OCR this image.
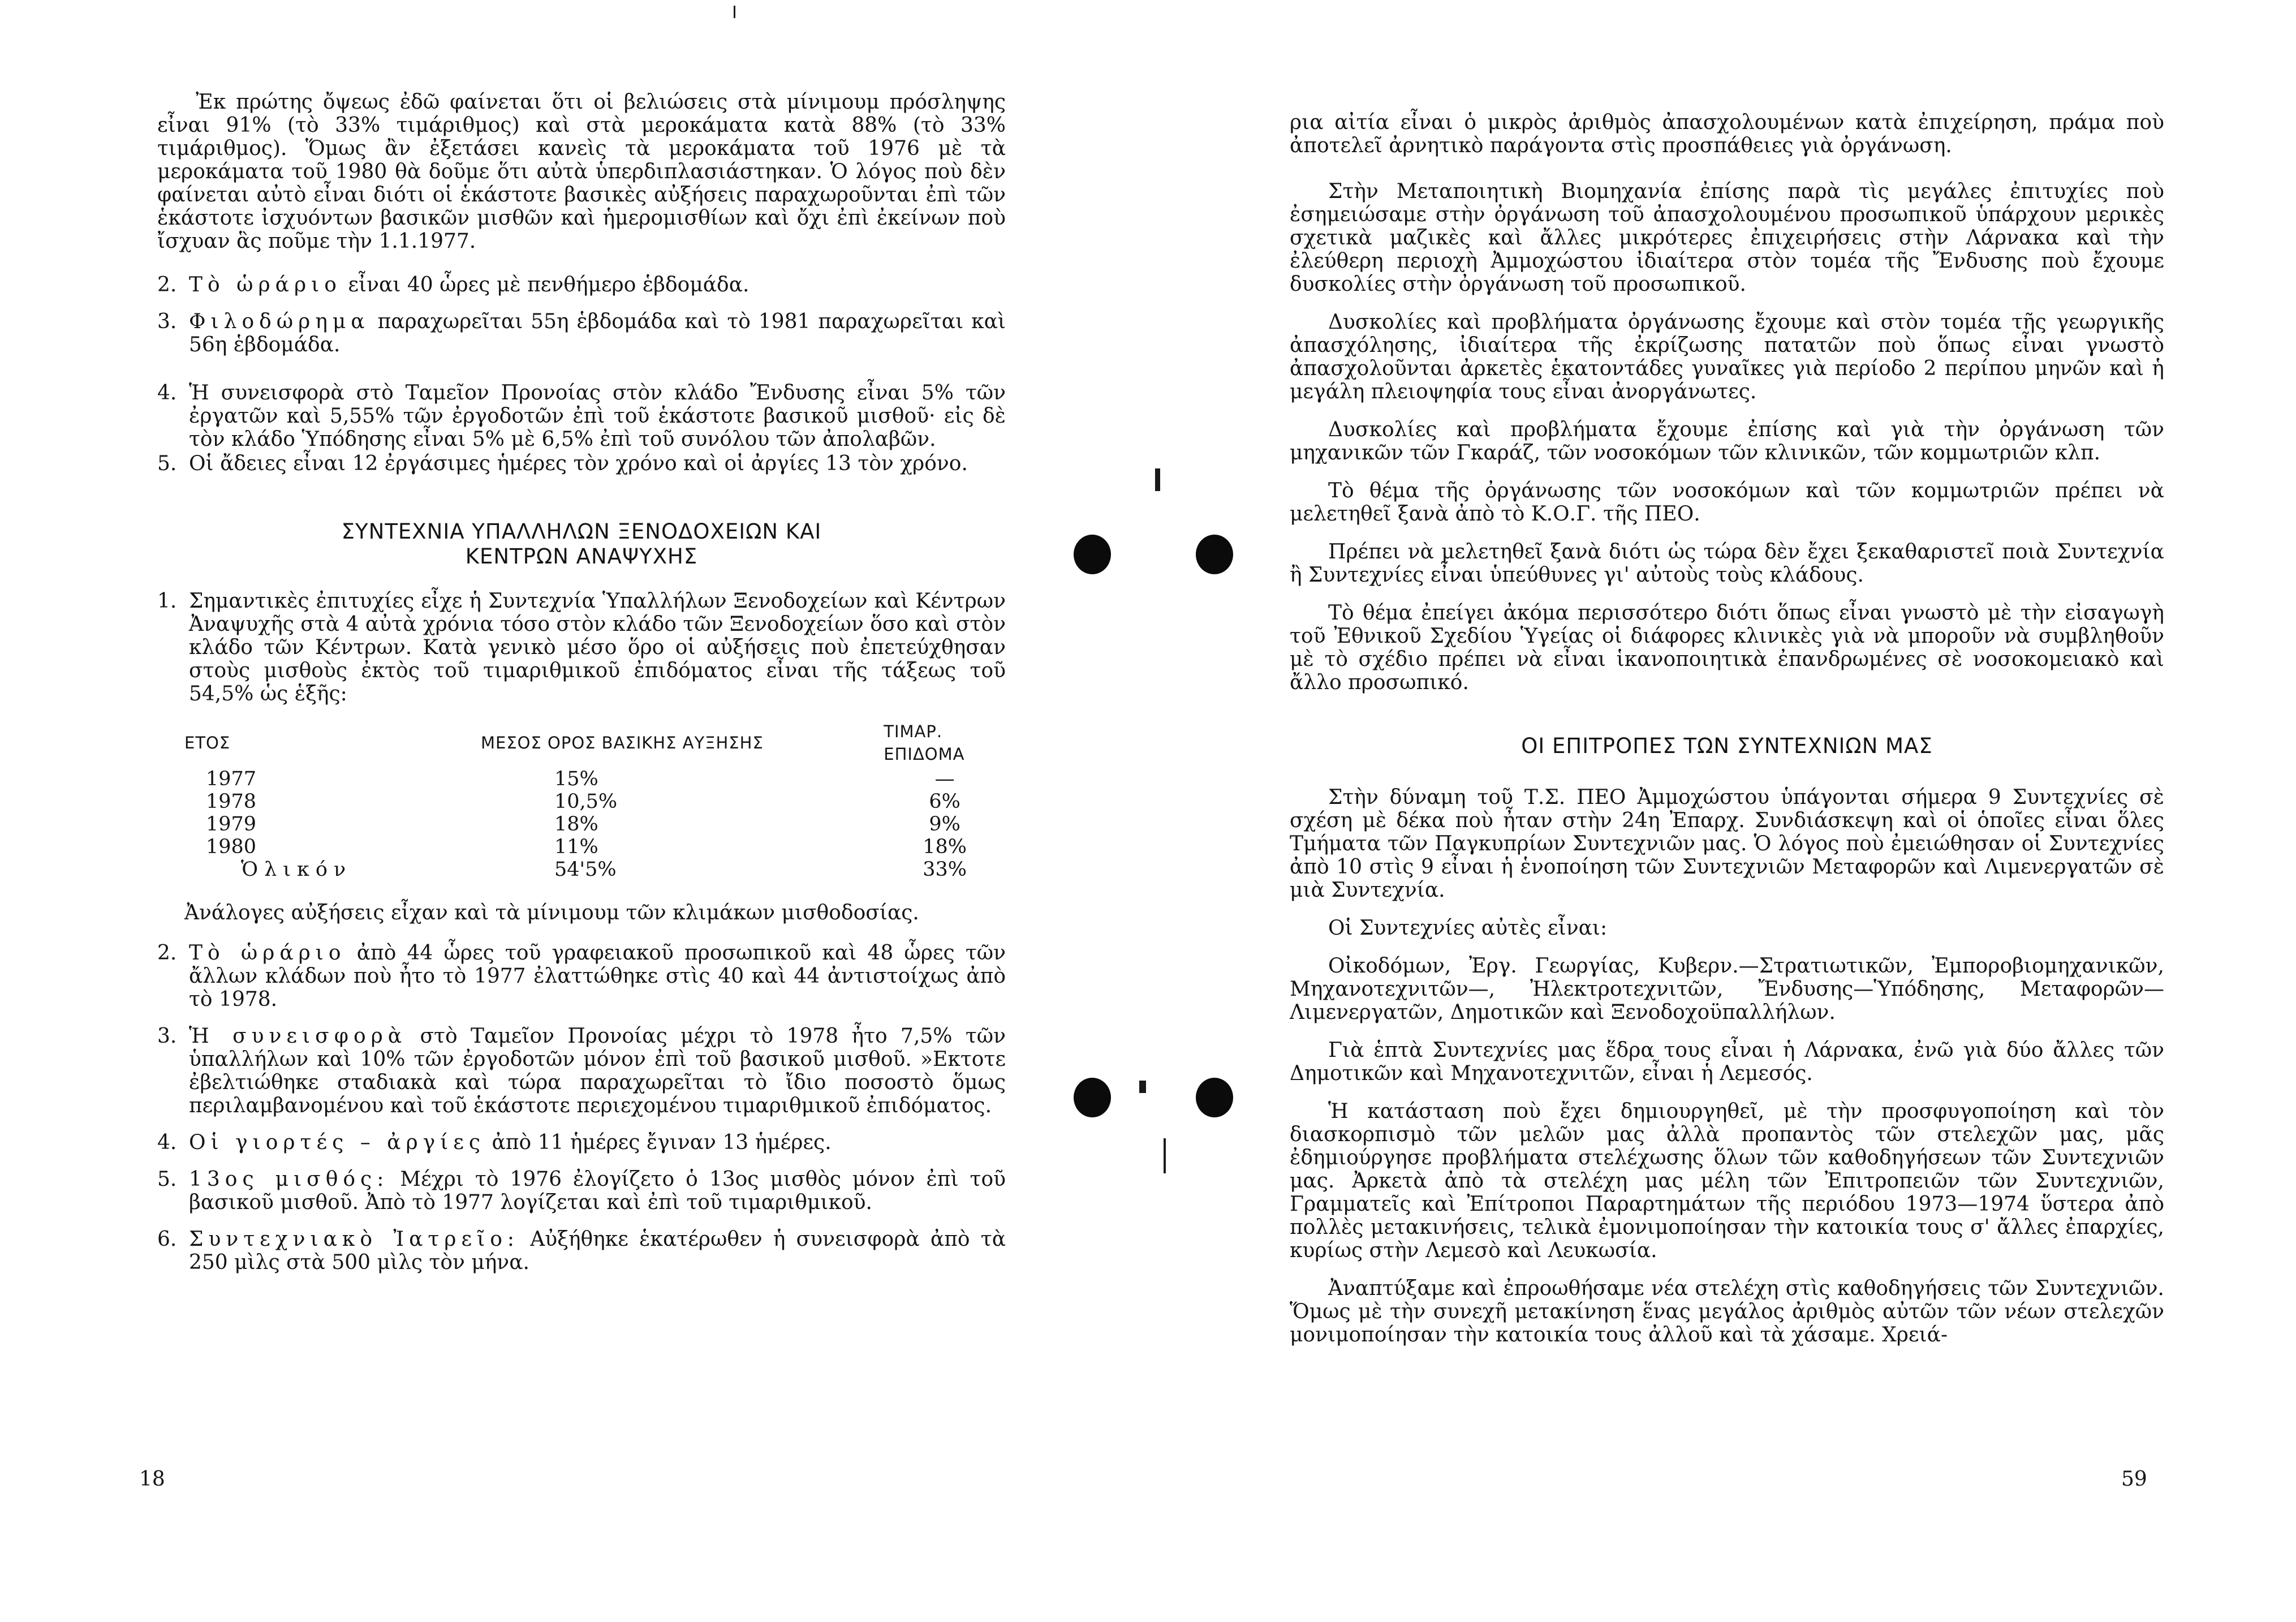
Ἐκ πρώτης ὄψεως ἐδῶ φαίνεται ὅτι οἱ βελιώσεις στὰ μίνιμουμ πρόσληψης εἶναι 91% (τὸ 33% τιμάριθμος) καὶ στὰ μεροκάματα κατὰ 88% (τὸ 33% τιμάριθμος). Ὅμως ἂν ἐξετάσει κανεὶς τὰ μεροκάματα τοῦ 1976 μὲ τὰ μεροκάματα τοῦ 1980 θὰ δοῦμε ὅτι αὐτὰ ὑπερδιπλασιάστηκαν. Ὁ λόγος ποὺ δὲν φαίνεται αὐτὸ εἶναι διότι οἱ ἑκάστοτε βασικὲς αὐξήσεις παραχωροῦνται ἐπὶ τῶν ἑκάστοτε ἰσχυόντων βασικῶν μισθῶν καὶ ἡμερομισθίων καὶ ὄχι ἐπὶ ἐκείνων ποὺ ἴσχυαν ἃς ποῦμε τὴν 1.1.1977.

2. Τὸ ὡράριο εἶναι 40 ὧρες μὲ πενθήμερο ἑβδομάδα.
3. Φιλοδώρημα παραχωρεῖται 55η ἑβδομάδα καὶ τὸ 1981 παραχωρεῖται καὶ 56η ἑβδομάδα.
4. Ἡ συνεισφορὰ στὸ Ταμεῖον Προνοίας στὸν κλάδο Ἔνδυσης εἶναι 5% τῶν ἐργατῶν καὶ 5,55% τῶν ἐργοδοτῶν ἐπὶ τοῦ ἑκάστοτε βασικοῦ μισθοῦ· εἰς δὲ τὸν κλάδο Ὑπόδησης εἶναι 5% μὲ 6,5% ἐπὶ τοῦ συνόλου τῶν ἀπολαβῶν.
5. Οἱ ἄδειες εἶναι 12 ἐργάσιμες ἡμέρες τὸν χρόνο καὶ οἱ ἀργίες 13 τὸν χρόνο.
ΣΥΝΤΕΧΝΙΑ ΥΠΑΛΛΗΛΩΝ ΞΕΝΟΔΟΧΕΙΩΝ ΚΑΙ
ΚΕΝΤΡΩΝ ΑΝΑΨΥΧΗΣ
1. Σημαντικὲς ἐπιτυχίες εἶχε ἡ Συντεχνία Ὑπαλλήλων Ξενοδοχείων καὶ Κέντρων Ἀναψυχῆς στὰ 4 αὐτὰ χρόνια τόσο στὸν κλάδο τῶν Ξενοδοχείων ὅσο καὶ στὸν κλάδο τῶν Κέντρων. Κατὰ γενικὸ μέσο ὅρο οἱ αὐξήσεις ποὺ ἐπετεύχθησαν στοὺς μισθοὺς ἐκτὸς τοῦ τιμαριθμικοῦ ἐπιδόματος εἶναι τῆς τάξεως τοῦ 54,5% ὡς ἑξῆς:
ΕΤΟΣ	ΜΕΣΟΣ ΟΡΟΣ ΒΑΣΙΚΗΣ ΑΥΞΗΣΗΣ	ΤΙΜΑΡ. ΕΠΙΔΟΜΑ
1977	15%	—
1978	10,5%	6%
1979	18%	9%
1980	11%	18%
Ὁλικόν	54'5%	33%

Ἀνάλογες αὐξήσεις εἶχαν καὶ τὰ μίνιμουμ τῶν κλιμάκων μισθοδοσίας.

2. Τὸ ὡράριο ἀπὸ 44 ὧρες τοῦ γραφειακοῦ προσωπικοῦ καὶ 48 ὧρες τῶν ἄλλων κλάδων ποὺ ἦτο τὸ 1977 ἐλαττώθηκε στὶς 40 καὶ 44 ἀντιστοίχως ἀπὸ τὸ 1978.
3. Ἡ συνεισφορὰ στὸ Ταμεῖον Προνοίας μέχρι τὸ 1978 ἦτο 7,5% τῶν ὑπαλλήλων καὶ 10% τῶν ἐργοδοτῶν μόνον ἐπὶ τοῦ βασικοῦ μισθοῦ. »Εκτοτε ἐβελτιώθηκε σταδιακὰ καὶ τώρα παραχωρεῖται τὸ ἴδιο ποσοστὸ ὅμως περιλαμβανομένου καὶ τοῦ ἑκάστοτε περιεχομένου τιμαριθμικοῦ ἐπιδόματος.
4. Οἱ γιορτές – ἀργίες ἀπὸ 11 ἡμέρες ἔγιναν 13 ἡμέρες.
5. 13ος μισθός: Μέχρι τὸ 1976 ἐλογίζετο ὁ 13ος μισθὸς μόνον ἐπὶ τοῦ βασικοῦ μισθοῦ. Ἀπὸ τὸ 1977 λογίζεται καὶ ἐπὶ τοῦ τιμαριθμικοῦ.
6. Συντεχνιακὸ Ἰατρεῖο: Αὐξήθηκε ἑκατέρωθεν ἡ συνεισφορὰ ἀπὸ τὰ 250 μὶλς στὰ 500 μὶλς τὸν μήνα.
18

ρια αἰτία εἶναι ὁ μικρὸς ἀριθμὸς ἀπασχολουμένων κατὰ ἐπιχείρηση, πράμα ποὺ ἀποτελεῖ ἀρνητικὸ παράγοντα στὶς προσπάθειες γιὰ ὀργάνωση.

Στὴν Μεταποιητικὴ Βιομηχανία ἐπίσης παρὰ τὶς μεγάλες ἐπιτυχίες ποὺ ἐσημειώσαμε στὴν ὀργάνωση τοῦ ἀπασχολουμένου προσωπικοῦ ὑπάρχουν μερικὲς σχετικὰ μαζικὲς καὶ ἄλλες μικρότερες ἐπιχειρήσεις στὴν Λάρνακα καὶ τὴν ἐλεύθερη περιοχὴ Ἀμμοχώστου ἰδιαίτερα στὸν τομέα τῆς Ἔνδυσης ποὺ ἔχουμε δυσκολίες στὴν ὀργάνωση τοῦ προσωπικοῦ.

Δυσκολίες καὶ προβλήματα ὀργάνωσης ἔχουμε καὶ στὸν τομέα τῆς γεωργικῆς ἀπασχόλησης, ἰδιαίτερα τῆς ἐκρίζωσης πατατῶν ποὺ ὅπως εἶναι γνωστὸ ἀπασχολοῦνται ἀρκετὲς ἑκατοντάδες γυναῖκες γιὰ περίοδο 2 περίπου μηνῶν καὶ ἡ μεγάλη πλειοψηφία τους εἶναι ἀνοργάνωτες.

Δυσκολίες καὶ προβλήματα ἔχουμε ἐπίσης καὶ γιὰ τὴν ὀργάνωση τῶν μηχανικῶν τῶν Γκαράζ, τῶν νοσοκόμων τῶν κλινικῶν, τῶν κομμωτριῶν κλπ.

Τὸ θέμα τῆς ὀργάνωσης τῶν νοσοκόμων καὶ τῶν κομμωτριῶν πρέπει νὰ μελετηθεῖ ξανὰ ἀπὸ τὸ Κ.Ο.Γ. τῆς ΠΕΟ.

Πρέπει νὰ μελετηθεῖ ξανὰ διότι ὡς τώρα δὲν ἔχει ξεκαθαριστεῖ ποιὰ Συντεχνία ἢ Συντεχνίες εἶναι ὑπεύθυνες γι' αὐτοὺς τοὺς κλάδους.

Τὸ θέμα ἐπείγει ἀκόμα περισσότερο διότι ὅπως εἶναι γνωστὸ μὲ τὴν εἰσαγωγὴ τοῦ Ἐθνικοῦ Σχεδίου Ὑγείας οἱ διάφορες κλινικὲς γιὰ νὰ μποροῦν νὰ συμβληθοῦν μὲ τὸ σχέδιο πρέπει νὰ εἶναι ἱκανοποιητικὰ ἐπανδρωμένες σὲ νοσοκομειακὸ καὶ ἄλλο προσωπικό.

ΟΙ ΕΠΙΤΡΟΠΕΣ ΤΩΝ ΣΥΝΤΕΧΝΙΩΝ ΜΑΣ

Στὴν δύναμη τοῦ Τ.Σ. ΠΕΟ Ἀμμοχώστου ὑπάγονται σήμερα 9 Συντεχνίες σὲ σχέση μὲ δέκα ποὺ ἦταν στὴν 24η Ἐπαρχ. Συνδιάσκεψη καὶ οἱ ὁποῖες εἶναι ὅλες Τμήματα τῶν Παγκυπρίων Συντεχνιῶν μας. Ὁ λόγος ποὺ ἐμειώθησαν οἱ Συντεχνίες ἀπὸ 10 στὶς 9 εἶναι ἡ ἑνοποίηση τῶν Συντεχνιῶν Μεταφορῶν καὶ Λιμενεργατῶν σὲ μιὰ Συντεχνία.

Οἱ Συντεχνίες αὐτὲς εἶναι:

Οἰκοδόμων, Ἐργ. Γεωργίας, Κυβερν.—Στρατιωτικῶν, Ἐμπορoβιομηχανικῶν, Μηχανοτεχνιτῶν—, Ἠλεκτροτεχνιτῶν, Ἔνδυσης—Ὑπόδησης, Μεταφορῶν—Λιμενεργατῶν, Δημοτικῶν καὶ Ξενοδοχοϋπαλλήλων.

Γιὰ ἑπτὰ Συντεχνίες μας ἕδρα τους εἶναι ἡ Λάρνακα, ἐνῶ γιὰ δύο ἄλλες τῶν Δημοτικῶν καὶ Μηχανοτεχνιτῶν, εἶναι ἡ Λεμεσός.

Ἡ κατάσταση ποὺ ἔχει δημιουργηθεῖ, μὲ τὴν προσφυγοποίηση καὶ τὸν διασκορπισμὸ τῶν μελῶν μας ἀλλὰ προπαντὸς τῶν στελεχῶν μας, μᾶς ἐδημιούργησε προβλήματα στελέχωσης ὅλων τῶν καθοδηγήσεων τῶν Συντεχνιῶν μας. Ἀρκετὰ ἀπὸ τὰ στελέχη μας μέλη τῶν Ἐπιτροπειῶν τῶν Συντεχνιῶν, Γραμματεῖς καὶ Ἐπίτροποι Παραρτημάτων τῆς περιόδου 1973—1974 ὕστερα ἀπὸ πολλὲς μετακινήσεις, τελικὰ ἐμονιμοποίησαν τὴν κατοικία τους σ' ἄλλες ἐπαρχίες, κυρίως στὴν Λεμεσὸ καὶ Λευκωσία.

Ἀναπτύξαμε καὶ ἐπροωθήσαμε νέα στελέχη στὶς καθοδηγήσεις τῶν Συντεχνιῶν. Ὅμως μὲ τὴν συνεχῆ μετακίνηση ἕνας μεγάλος ἀριθμὸς αὐτῶν τῶν νέων στελεχῶν μονιμοποίησαν τὴν κατοικία τους ἀλλοῦ καὶ τὰ χάσαμε. Χρειά-

59
